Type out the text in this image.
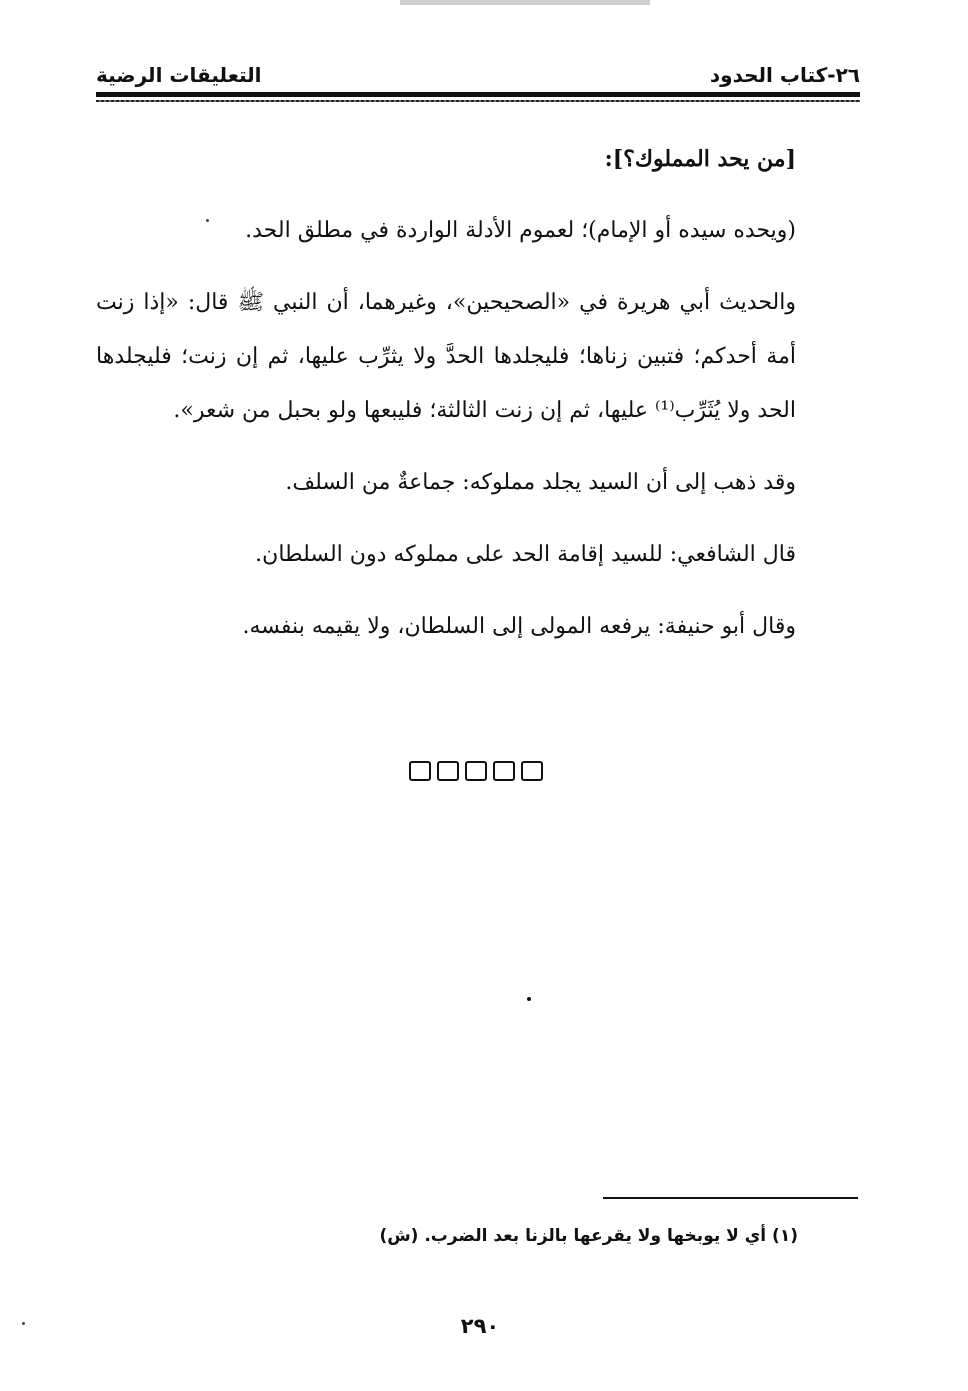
٢٦-كتاب الحدود
التعليقات الرضية

[من يحد المملوك؟]:

(ويحده سيده أو الإمام)؛ لعموم الأدلة الواردة في مطلق الحد.

والحديث أبي هريرة في «الصحيحين»، وغيرهما، أن النبي ﷺ قال: «إذا زنت أمة أحدكم؛ فتبين زناها؛ فليجلدها الحدَّ ولا يثرِّب عليها، ثم إن زنت؛ فليجلدها الحد ولا يُثَرِّب⁽¹⁾ عليها، ثم إن زنت الثالثة؛ فليبعها ولو بحبل من شعر».

وقد ذهب إلى أن السيد يجلد مملوكه: جماعةٌ من السلف.

قال الشافعي: للسيد إقامة الحد على مملوكه دون السلطان.

وقال أبو حنيفة: يرفعه المولى إلى السلطان، ولا يقيمه بنفسه.

(١) أي لا يوبخها ولا يقرعها بالزنا بعد الضرب. (ش)
٢٩٠
